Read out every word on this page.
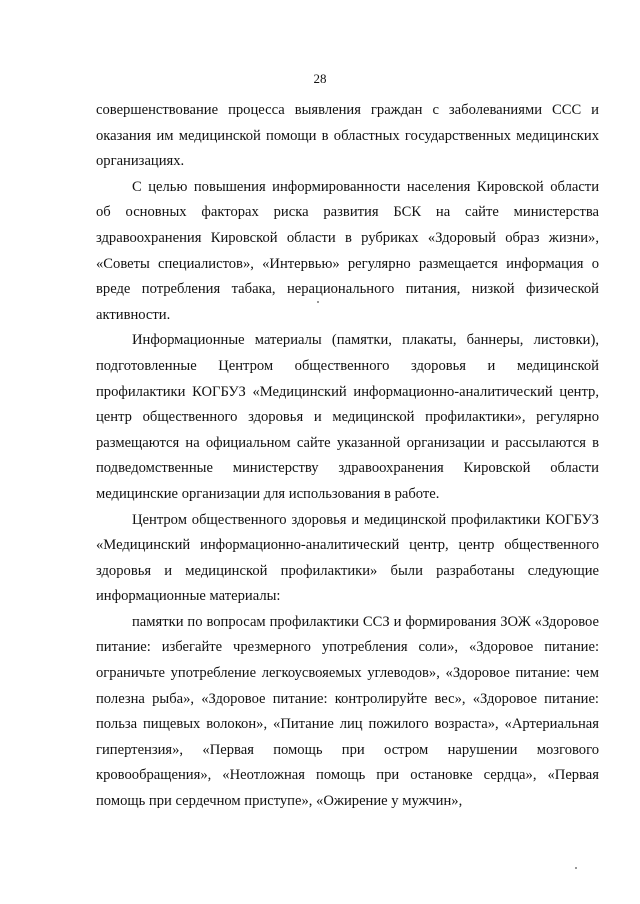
28

совершенствование процесса выявления граждан с заболеваниями ССС и оказания им медицинской помощи в областных государственных медицинских организациях.

С целью повышения информированности населения Кировской области об основных факторах риска развития БСК на сайте министерства здравоохранения Кировской области в рубриках «Здоровый образ жизни», «Советы специалистов», «Интервью» регулярно размещается информация о вреде потребления табака, нерационального питания, низкой физической активности.

Информационные материалы (памятки, плакаты, баннеры, листовки), подготовленные Центром общественного здоровья и медицинской профилактики КОГБУЗ «Медицинский информационно-аналитический центр, центр общественного здоровья и медицинской профилактики», регулярно размещаются на официальном сайте указанной организации и рассылаются в подведомственные министерству здравоохранения Кировской области медицинские организации для использования в работе.

Центром общественного здоровья и медицинской профилактики КОГБУЗ «Медицинский информационно-аналитический центр, центр общественного здоровья и медицинской профилактики» были разработаны следующие информационные материалы:

памятки по вопросам профилактики ССЗ и формирования ЗОЖ «Здоровое питание: избегайте чрезмерного употребления соли», «Здоровое питание: ограничьте употребление легкоусвояемых углеводов», «Здоровое питание: чем полезна рыба», «Здоровое питание: контролируйте вес», «Здоровое питание: польза пищевых волокон», «Питание лиц пожилого возраста», «Артериальная гипертензия», «Первая помощь при остром нарушении мозгового кровообращения», «Неотложная помощь при остановке сердца», «Первая помощь при сердечном приступе», «Ожирение у мужчин»,
